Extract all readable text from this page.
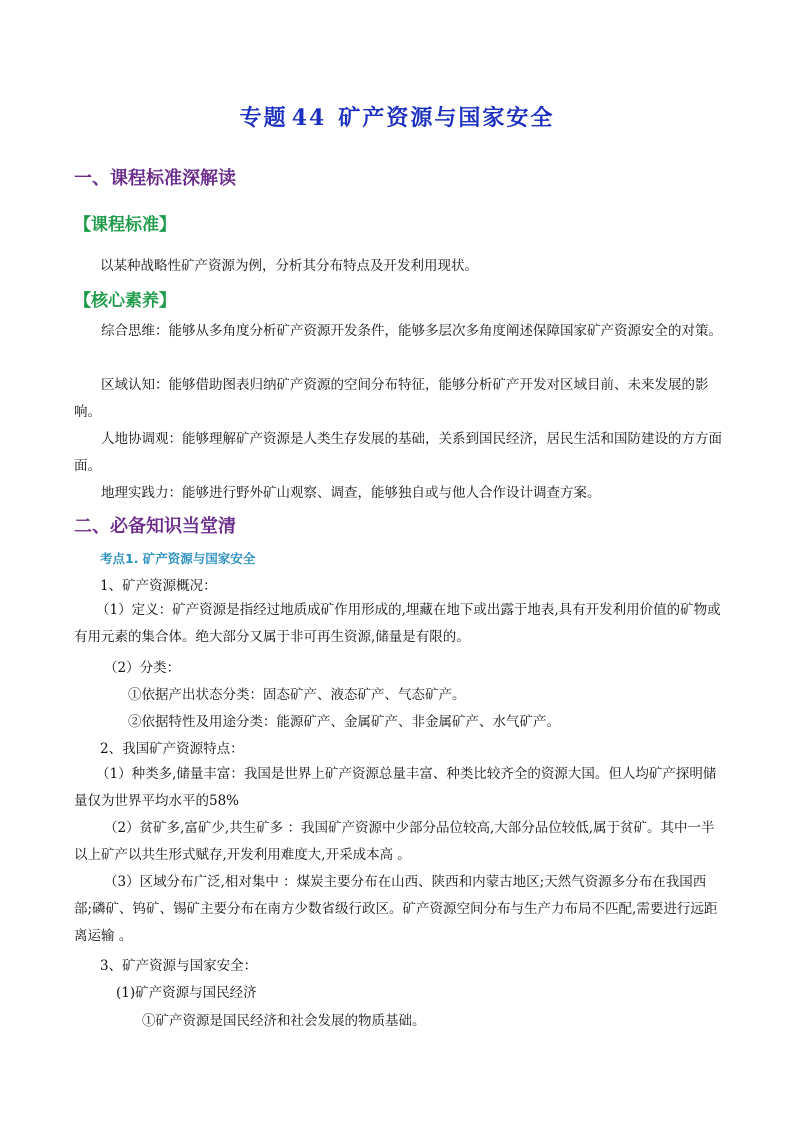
专题 44 矿产资源与国家安全
一、课程标准深解读
【课程标准】
以某种战略性矿产资源为例，分析其分布特点及开发利用现状。
【核心素养】
综合思维：能够从多角度分析矿产资源开发条件，能够多层次多角度阐述保障国家矿产资源安全的对策。
区域认知：能够借助图表归纳矿产资源的空间分布特征，能够分析矿产开发对区域目前、未来发展的影响。
人地协调观：能够理解矿产资源是人类生存发展的基础，关系到国民经济，居民生活和国防建设的方方面面。
地理实践力：能够进行野外矿山观察、调查，能够独自或与他人合作设计调查方案。
二、必备知识当堂清
考点1. 矿产资源与国家安全
1、矿产资源概况：
（1）定义：矿产资源是指经过地质成矿作用形成的,埋藏在地下或出露于地表,具有开发利用价值的矿物或有用元素的集合体。绝大部分又属于非可再生资源,储量是有限的。
（2）分类：
①依据产出状态分类：固态矿产、液态矿产、气态矿产。
②依据特性及用途分类：能源矿产、金属矿产、非金属矿产、水气矿产。
2、我国矿产资源特点：
（1）种类多,储量丰富：我国是世界上矿产资源总量丰富、种类比较齐全的资源大国。但人均矿产探明储量仅为世界平均水平的58%
（2）贫矿多,富矿少,共生矿多 ：我国矿产资源中少部分品位较高,大部分品位较低,属于贫矿。其中一半以上矿产以共生形式赋存,开发利用难度大,开采成本高 。
（3）区域分布广泛,相对集中 ：煤炭主要分布在山西、陕西和内蒙古地区;天然气资源多分布在我国西部;磷矿、钨矿、锡矿主要分布在南方少数省级行政区。矿产资源空间分布与生产力布局不匹配,需要进行远距离运输 。
3、矿产资源与国家安全：
(1)矿产资源与国民经济
①矿产资源是国民经济和社会发展的物质基础。
